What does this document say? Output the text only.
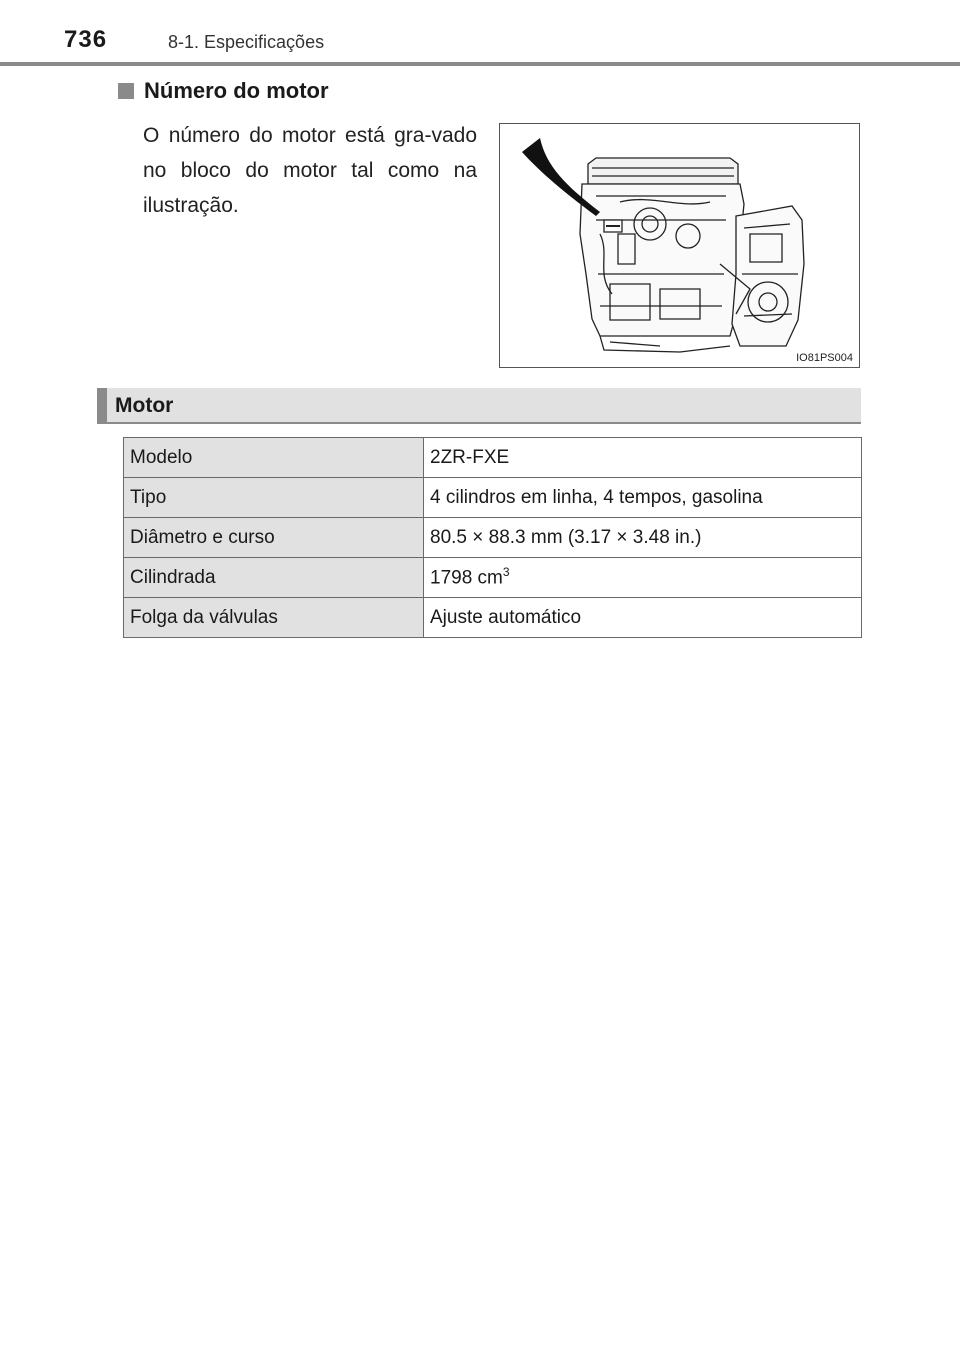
736	8-1. Especificações
Número do motor
O número do motor está gra-vado no bloco do motor tal como na ilustração.
IO81PS004
Motor
Modelo	2ZR-FXE
Tipo	4 cilindros em linha, 4 tempos, gasolina
Diâmetro e curso	80.5 × 88.3 mm (3.17 × 3.48 in.)
Cilindrada	1798 $cm^3$
Folga da válvulas	Ajuste automático
